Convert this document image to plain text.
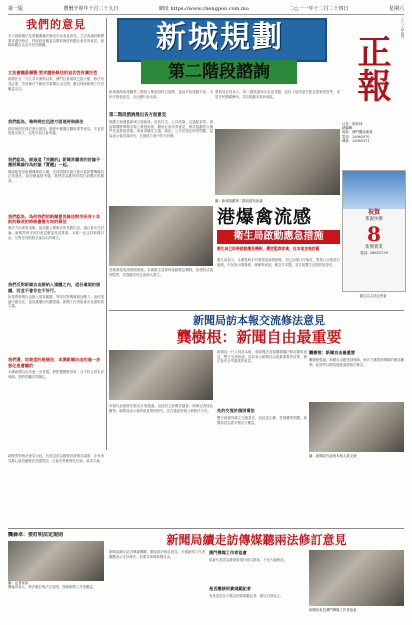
第一版	農曆辛卯年十月二十九日	網址 https://www.chengpou.com.mo	二○一一年十二月二十四日	星期六
我們的意見
本文就新聞法及視聽廣播法修改內容表達意見。立法會議員聯署要求盡快修法，特區政府應當以開放態度聆聽社會各界意見，保障新聞自由及市民知情權。
立法會議員聯署 要求盡快修法的迫切性有廣泛性
新聞法自一九九零年頒佈以來，澳門社會環境已經大變，修法有其必要。然而修法不應收窄新聞自由空間，應以保障新聞工作者權益為先。
我們認為，唯時間在迅速方面是時候修法
政府就兩法修訂進行諮詢，過程中應廣泛聽取業界意見，不宜倉促推出條文，以免引起社會爭議。
我們認為，經過這『共識的』新聞界讓者的討論不應將興論作為討論『實權』一起。
輿論監督是新聞傳媒的天職，任何限制性條文都可能影響傳媒的正常運作，政府應審慎考慮。我們認為應保持現行新聞法的精神。
我們認為，為何我們的新聞意見修法對市民有十年前的修改的時候會寫方向的修法
修法方向需要清晰，當局應公開修法的具體內容，讓社會充分討論。新聞界與市民的意見應當受到尊重。本報一直支持新聞自由，反對任何限制言論自由的條文。
我們反對新聞自由勝納入媒體之內，這份違規的提議，而並不會存在不好行。
如果將新聞自由納入規管範圍，等同於對傳媒施加壓力。這份提議不應存在，當局應撤回有關建議。新聞工作者協會亦表達相同立場。
我們還，如果這的是修法，本澳新聞自由的進一步惡化是會議的
本澳新聞自由若進一步受限，將影響國際形象，亦不符合基本法保障。我們呼籲各界關注。
新城規劃
第二階段諮詢	正報
一九八八年創刊
社長：劉高林
總編輯：
地址：澳門羅結地巷
電話：28965970
傳真：28965971
新城填海區規劃第二階段公眾諮詢昨日展開，當局介紹規劃方案，市民可發表意見，各社團代表出席。
第二階段諮詢展出各方面意見
規劃方案涵蓋新城五個區域，包括住宅、公共設施、交通配套等。諮詢期間將舉辦多場公眾諮詢會，聽取社會各界意見，務求規劃符合澳門長遠發展需要。與會者關注交通、綠化、公共房屋比例等問題，當局表示會認真研究，在最終方案中作出回應。
發展局官員表示，第二階段諮詢內容更具體，包括土地用途分配及建築密度等，希望市民踴躍參與，共同規劃未來新城區。
圖：新城規劃第二階段諮詢會議
祝賀
聖誕快樂
8
新興實業
電話: 28653739
港爆禽流感
衛生局啟動應急措施
衛生局已即時啟動應急機制，嚴密監察家禽，在本地加強防範
香港發現禽流感個案後，本澳衛生局即時啟動應急機制，加強對活禽的監察，並提醒市民注意個人衛生。
衛生局表示，本澳暫時未有發現禽流感個案，但已加強口岸檢疫，對進口活禽進行檢測。市民如出現發燒、咳嗽等症狀，應及早求醫，並告知醫生近期的旅遊史。
衛生局主持記者會
新聞局訪本報交流修法意見
龔樹根：新聞自由最重要
新聞局一行人到訪本報，就新聞法及視聽廣播法修訂聽取意見，雙方交流坦誠。局長表示新聞自由是最重要的原則，修法會充分考慮業界意見。
龔樹根：新聞自由最重要
龔樹根強調，新聞自由應受到保障，修法不應限制傳媒的報道權利。政府將以開放態度處理兩法修訂。
本報代表就修法提出多項建議，包括設立新聞評議會、保障記者採訪權等。新聞局表示會將意見帶回研究，並在適當時候公佈修法方向。	先的交流於個別看法
雙方就個別條文交換看法，包括更正權、答辯權等問題。新聞局認為需平衡各方權益。
圖：新聞局代表與本報人員交流
新聞界對修法意見分歧，有意見認為應增設新聞評議會，亦有意見擔心政府藉修法加強管控。社會各界應理性討論，尋求共識。
龔倫卓：要訂明法定規則
圖：記者採訪
龔倫卓表示，修法應訂明法定規則，保障新聞工作者權益。
新聞局續走訪傳媒聽兩法修訂意見
新聞局續走訪各傳媒機構，聽取兩法修訂意見。多個新聞工作者團體表示支持修法，但要求保障新聞自由。
澳門傳媒工作者協會
協會代表認為應保留現行條文精神，不宜大幅修改。
是否應該刑責規範記者
有意見認為不應以刑責規範記者，應以自律為主。
新聞局會見澳門傳媒工作者協會
